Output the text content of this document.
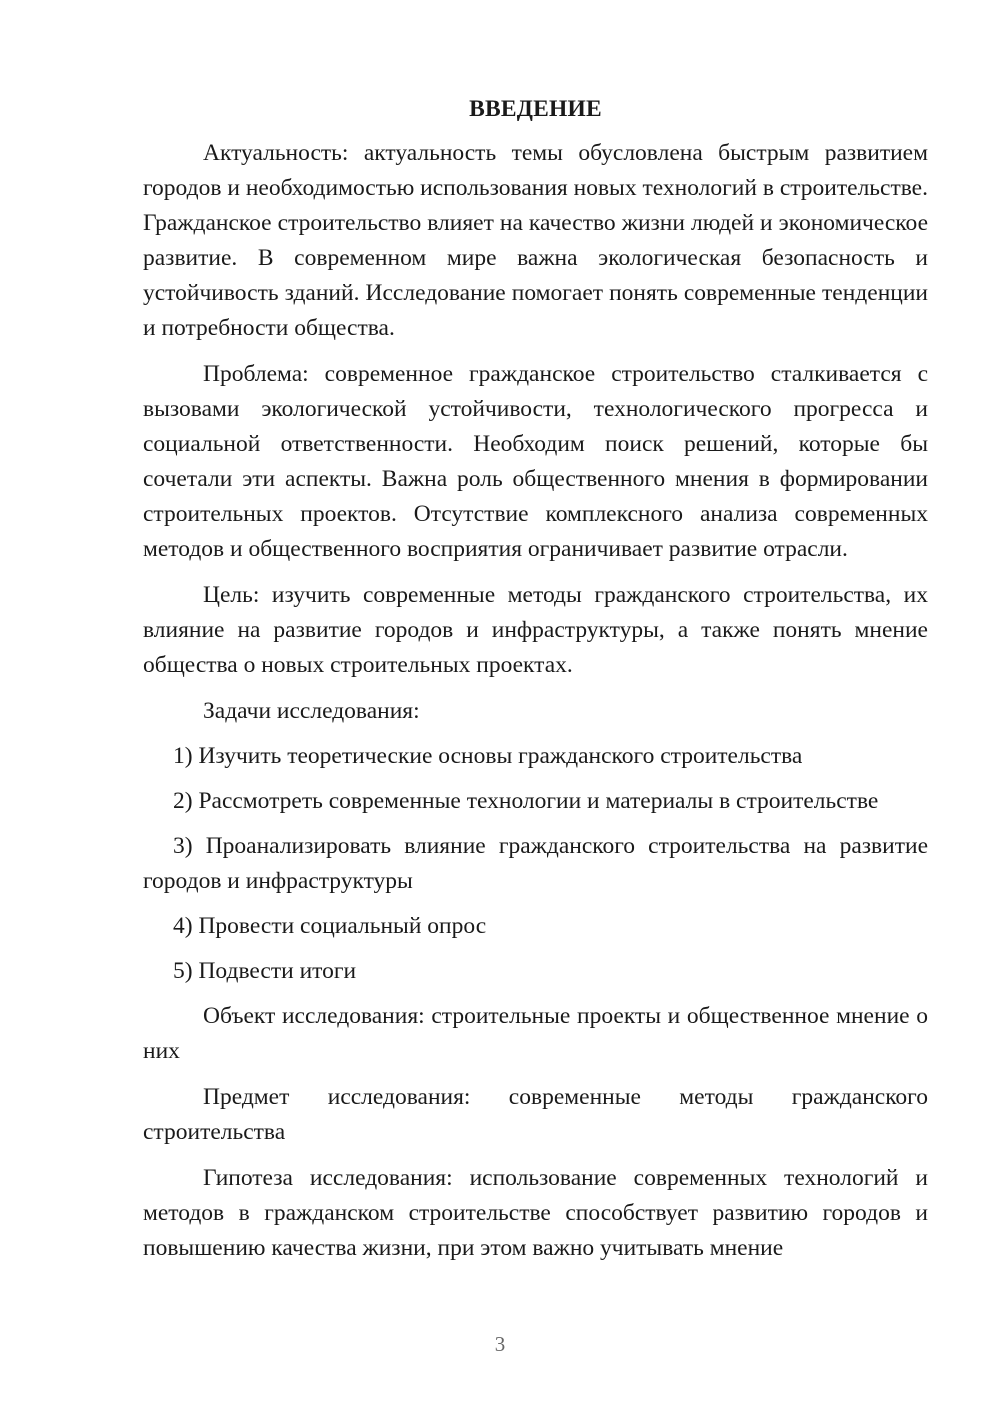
ВВЕДЕНИЕ

Актуальность: актуальность темы обусловлена быстрым развитием городов и необходимостью использования новых технологий в строительстве. Гражданское строительство влияет на качество жизни людей и экономическое развитие. В современном мире важна экологическая безопасность и устойчивость зданий. Исследование помогает понять современные тенденции и потребности общества.

Проблема: современное гражданское строительство сталкивается с вызовами экологической устойчивости, технологического прогресса и социальной ответственности. Необходим поиск решений, которые бы сочетали эти аспекты. Важна роль общественного мнения в формировании строительных проектов. Отсутствие комплексного анализа современных методов и общественного восприятия ограничивает развитие отрасли.

Цель: изучить современные методы гражданского строительства, их влияние на развитие городов и инфраструктуры, а также понять мнение общества о новых строительных проектах.

Задачи исследования:

1) Изучить теоретические основы гражданского строительства

2) Рассмотреть современные технологии и материалы в строительстве

3) Проанализировать влияние гражданского строительства на развитие городов и инфраструктуры

4) Провести социальный опрос

5) Подвести итоги

Объект исследования: строительные проекты и общественное мнение о них

Предмет исследования: современные методы гражданского строительства

Гипотеза исследования: использование современных технологий и методов в гражданском строительстве способствует развитию городов и повышению качества жизни, при этом важно учитывать мнение

3
